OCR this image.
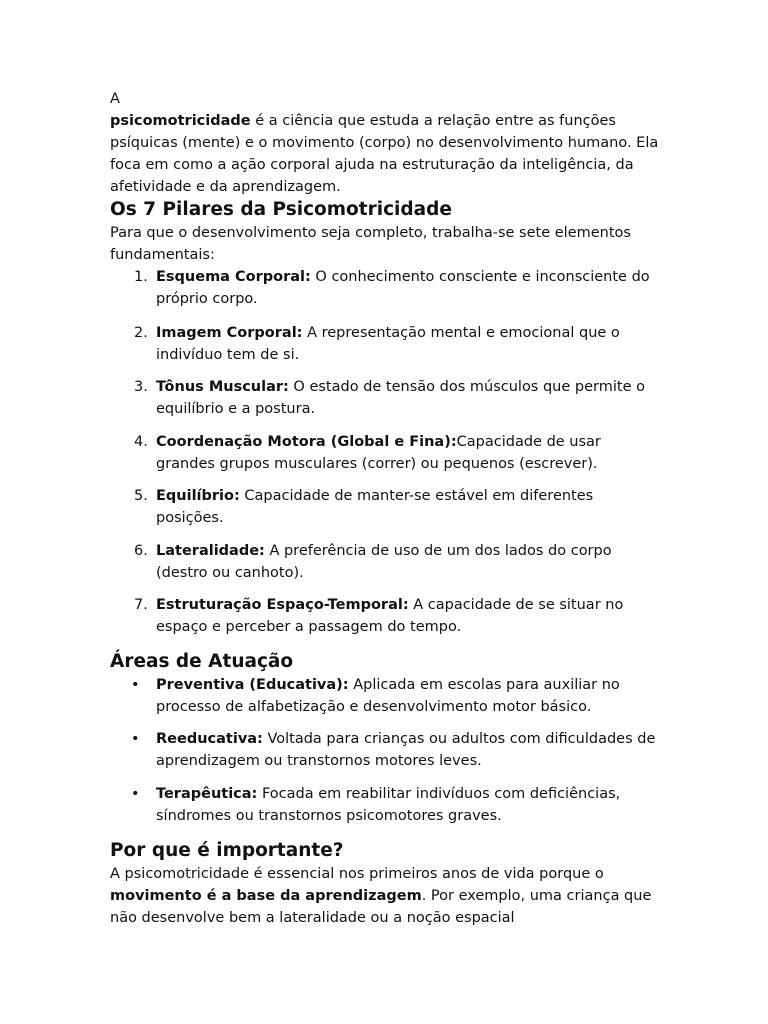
A
psicomotricidade é a ciência que estuda a relação entre as funções psíquicas (mente) e o movimento (corpo) no desenvolvimento humano. Ela foca em como a ação corporal ajuda na estruturação da inteligência, da afetividade e da aprendizagem.

Os 7 Pilares da Psicomotricidade

Para que o desenvolvimento seja completo, trabalha-se sete elementos fundamentais:

1. Esquema Corporal: O conhecimento consciente e inconsciente do próprio corpo.
2. Imagem Corporal: A representação mental e emocional que o indivíduo tem de si.
3. Tônus Muscular: O estado de tensão dos músculos que permite o equilíbrio e a postura.
4. Coordenação Motora (Global e Fina):Capacidade de usar grandes grupos musculares (correr) ou pequenos (escrever).
5. Equilíbrio: Capacidade de manter-se estável em diferentes posições.
6. Lateralidade: A preferência de uso de um dos lados do corpo (destro ou canhoto).
7. Estruturação Espaço-Temporal: A capacidade de se situar no espaço e perceber a passagem do tempo.
Áreas de Atuação
• Preventiva (Educativa): Aplicada em escolas para auxiliar no processo de alfabetização e desenvolvimento motor básico.
• Reeducativa: Voltada para crianças ou adultos com dificuldades de aprendizagem ou transtornos motores leves.
• Terapêutica: Focada em reabilitar indivíduos com deficiências, síndromes ou transtornos psicomotores graves.
Por que é importante?

A psicomotricidade é essencial nos primeiros anos de vida porque o movimento é a base da aprendizagem. Por exemplo, uma criança que não desenvolve bem a lateralidade ou a noção espacial
